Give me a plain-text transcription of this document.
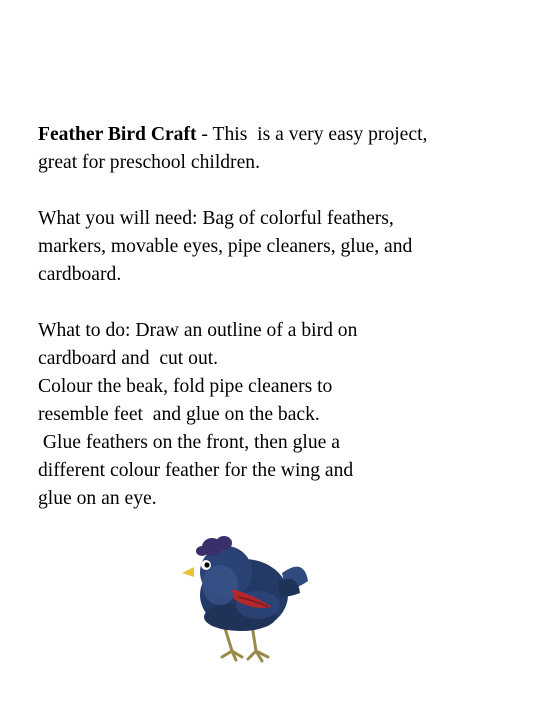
Feather Bird Craft - This  is a very easy project,
great for preschool children.

What you will need: Bag of colorful feathers,
markers, movable eyes, pipe cleaners, glue, and
cardboard.

What to do: Draw an outline of a bird on
cardboard and  cut out.
Colour the beak, fold pipe cleaners to
resemble feet  and glue on the back.
Glue feathers on the front, then glue a
different colour feather for the wing and
glue on an eye.
